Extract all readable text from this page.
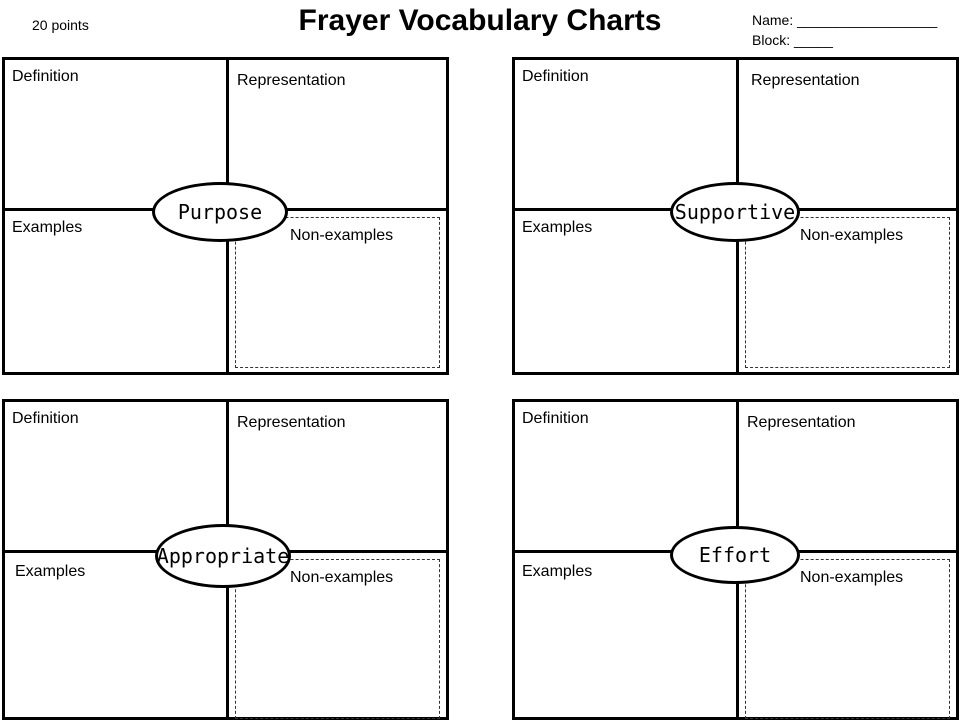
20 points	Frayer Vocabulary Charts	Name: __________________
Block: _____
Definition	Representation
Examples	Non-examples
Purpose
Definition	Representation
Examples	Non-examples
Supportive
Definition	Representation
Examples	Non-examples
Appropriate
Definition	Representation
Examples	Non-examples
Effort
